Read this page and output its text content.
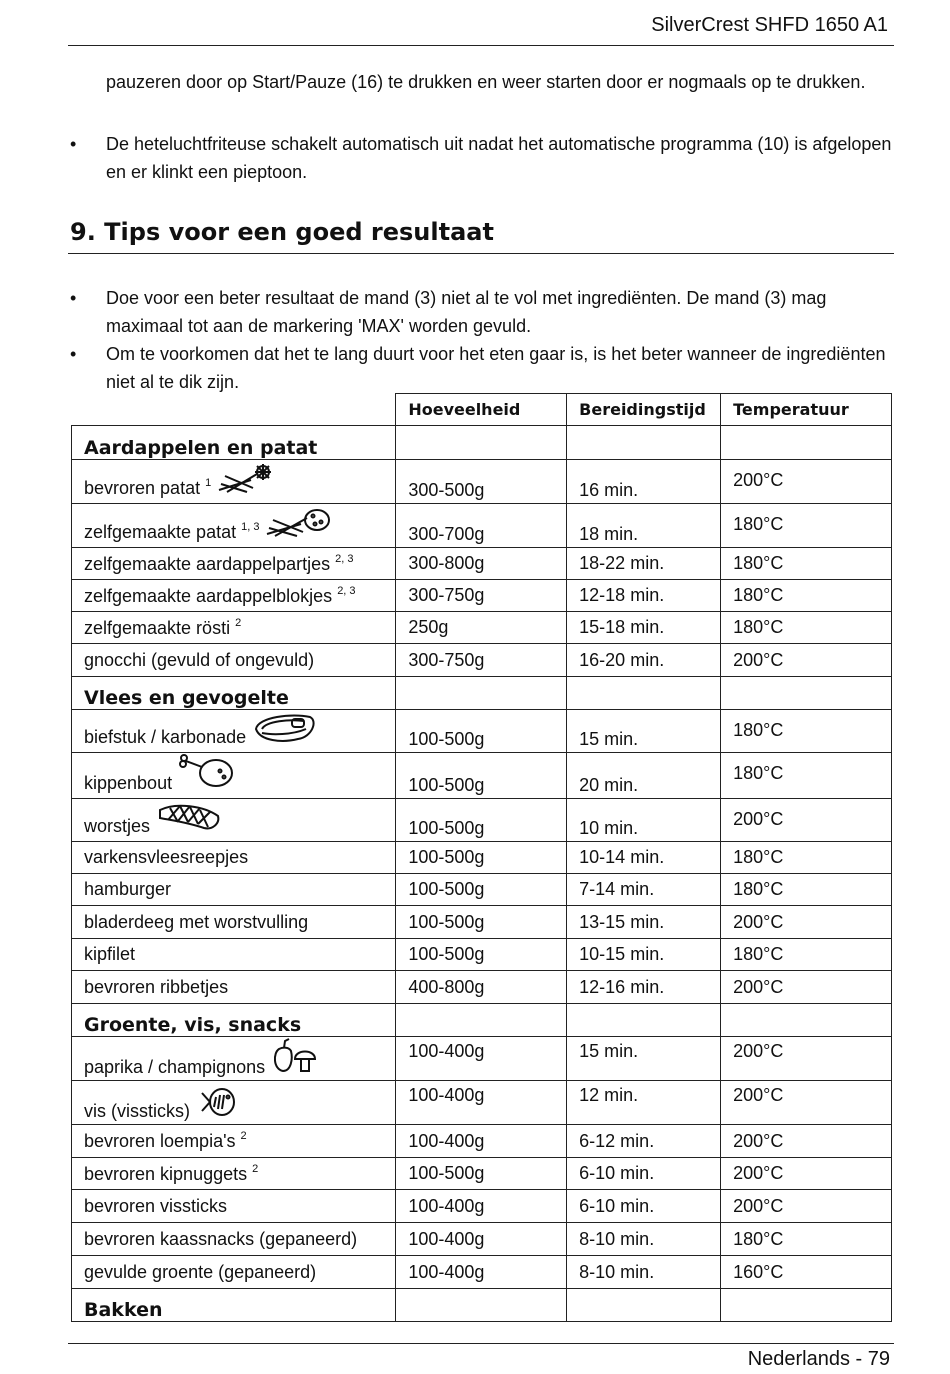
SilverCrest SHFD 1650 A1
pauzeren door op Start/Pauze (16) te drukken en weer starten door er nogmaals op te drukken.
• De heteluchtfriteuse schakelt automatisch uit nadat het automatische programma (10) is afgelopen en er klinkt een pieptoon.
9. Tips voor een goed resultaat
• Doe voor een beter resultaat de mand (3) niet al te vol met ingrediënten. De mand (3) mag maximaal tot aan de markering 'MAX' worden gevuld.
• Om te voorkomen dat het te lang duurt voor het eten gaar is, is het beter wanneer de ingrediënten niet al te dik zijn.
	Hoeveelheid	Bereidingstijd	Temperatuur
Aardappelen en patat			
bevroren patat $^1$	300-500g	16 min.	200°C
zelfgemaakte patat $^{1, 3}$	300-700g	18 min.	180°C
zelfgemaakte aardappelpartjes $^{2, 3}$	300-800g	18-22 min.	180°C
zelfgemaakte aardappelblokjes $^{2, 3}$	300-750g	12-18 min.	180°C
zelfgemaakte rösti $^2$	250g	15-18 min.	180°C
gnocchi (gevuld of ongevuld)	300-750g	16-20 min.	200°C
Vlees en gevogelte			
biefstuk / karbonade	100-500g	15 min.	180°C
kippenbout	100-500g	20 min.	180°C
worstjes	100-500g	10 min.	200°C
varkensvleesreepjes	100-500g	10-14 min.	180°C
hamburger	100-500g	7-14 min.	180°C
bladerdeeg met worstvulling	100-500g	13-15 min.	200°C
kipfilet	100-500g	10-15 min.	180°C
bevroren ribbetjes	400-800g	12-16 min.	200°C
Groente, vis, snacks			
paprika / champignons	100-400g	15 min.	200°C
vis (vissticks)	100-400g	12 min.	200°C
bevroren loempia's $^2$	100-400g	6-12 min.	200°C
bevroren kipnuggets $^2$	100-500g	6-10 min.	200°C
bevroren vissticks	100-400g	6-10 min.	200°C
bevroren kaassnacks (gepaneerd)	100-400g	8-10 min.	180°C
gevulde groente (gepaneerd)	100-400g	8-10 min.	160°C
Bakken			
Nederlands - 79
